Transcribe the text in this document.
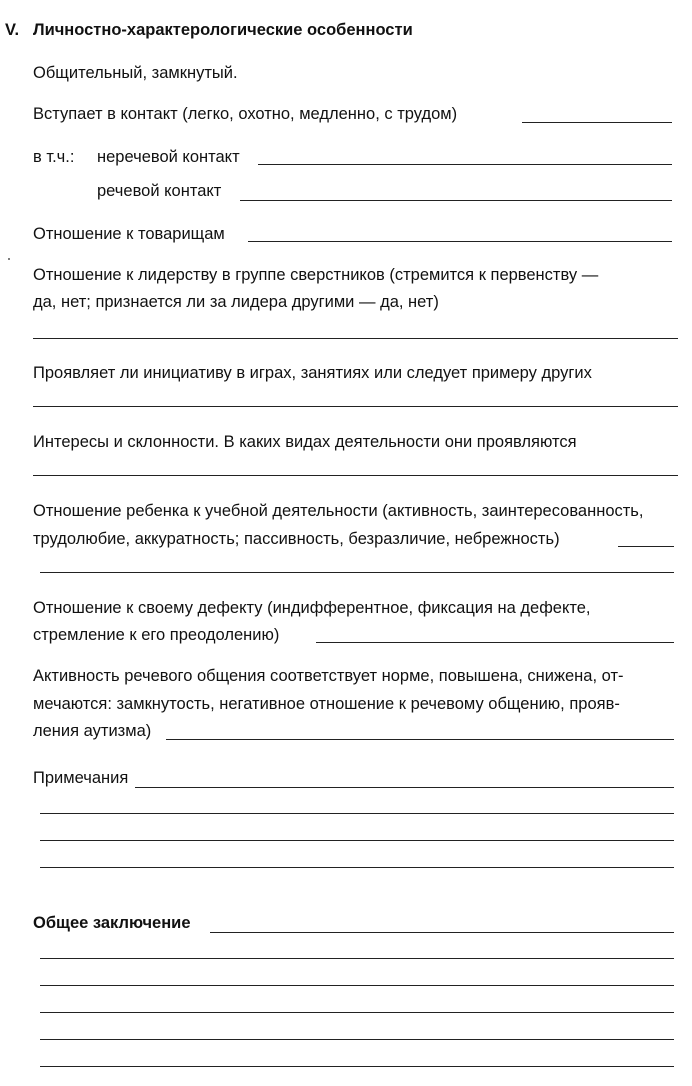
V. Личностно-характерологические особенности
Общительный, замкнутый.
Вступает в контакт (легко, охотно, медленно, с трудом)
в т.ч.: неречевой контакт
речевой контакт
Отношение к товарищам
Отношение к лидерству в группе сверстников (стремится к первенству —
да, нет; признается ли за лидера другими — да, нет)
Проявляет ли инициативу в играх, занятиях или следует примеру других
Интересы и склонности. В каких видах деятельности они проявляются
Отношение ребенка к учебной деятельности (активность, заинтересованность,
трудолюбие, аккуратность; пассивность, безразличие, небрежность)
Отношение к своему дефекту (индифферентное, фиксация на дефекте,
стремление к его преодолению)
Активность речевого общения соответствует норме, повышена, снижена, от-
мечаются: замкнутость, негативное отношение к речевому общению, прояв-
ления аутизма)
Примечания
Общее заключение
